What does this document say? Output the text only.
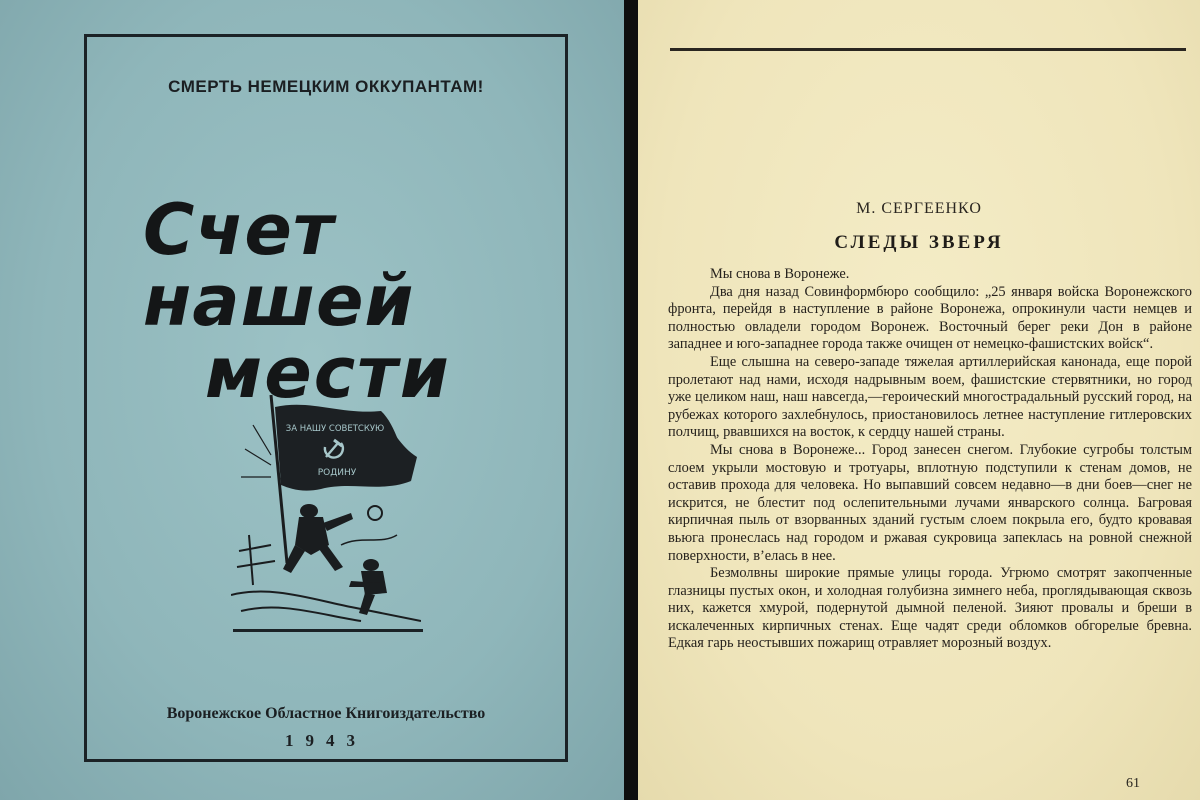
СМЕРТЬ НЕМЕЦКИМ ОККУПАНТАМ!
Счет нашей
мести
ЗА НАШУ СОВЕТСКУЮ
РОДИНУ
Воронежское Областное Книгоиздательство
1943
М. СЕРГЕЕНКО
СЛЕДЫ ЗВЕРЯ

Мы снова в Воронеже.

Два дня назад Совинформбюро сообщило: „25 января войска Воронежского фронта, перейдя в наступление в районе Воронежа, опрокинули части немцев и полностью овладели городом Воронеж. Восточный берег реки Дон в районе западнее и юго-западнее города также очищен от немецко-фашистских войск“.

Еще слышна на северо-западе тяжелая артиллерийская канонада, еще порой пролетают над нами, исходя надрывным воем, фашистские стервятники, но город уже целиком наш, наш навсегда,—героический многострадальный русский город, на рубежах которого захлебнулось, приостановилось летнее наступление гитлеровских полчищ, рвавшихся на восток, к сердцу нашей страны.

Мы снова в Воронеже... Город занесен снегом. Глубокие сугробы толстым слоем укрыли мостовую и тротуары, вплотную подступили к стенам домов, не оставив прохода для человека. Но выпавший совсем недавно—в дни боев—снег не искрится, не блестит под ослепительными лучами январского солнца. Багровая кирпичная пыль от взорванных зданий густым слоем покрыла его, будто кровавая вьюга пронеслась над городом и ржавая сукровица запеклась на ровной снежной поверхности, в’елась в нее.

Безмолвны широкие прямые улицы города. Угрюмо смотрят закопченные глазницы пустых окон, и холодная голубизна зимнего неба, проглядывающая сквозь них, кажется хмурой, подернутой дымной пеленой. Зияют провалы и бреши в искалеченных кирпичных стенах. Еще чадят среди обломков обгорелые бревна. Едкая гарь неостывших пожарищ отравляет морозный воздух.

61
